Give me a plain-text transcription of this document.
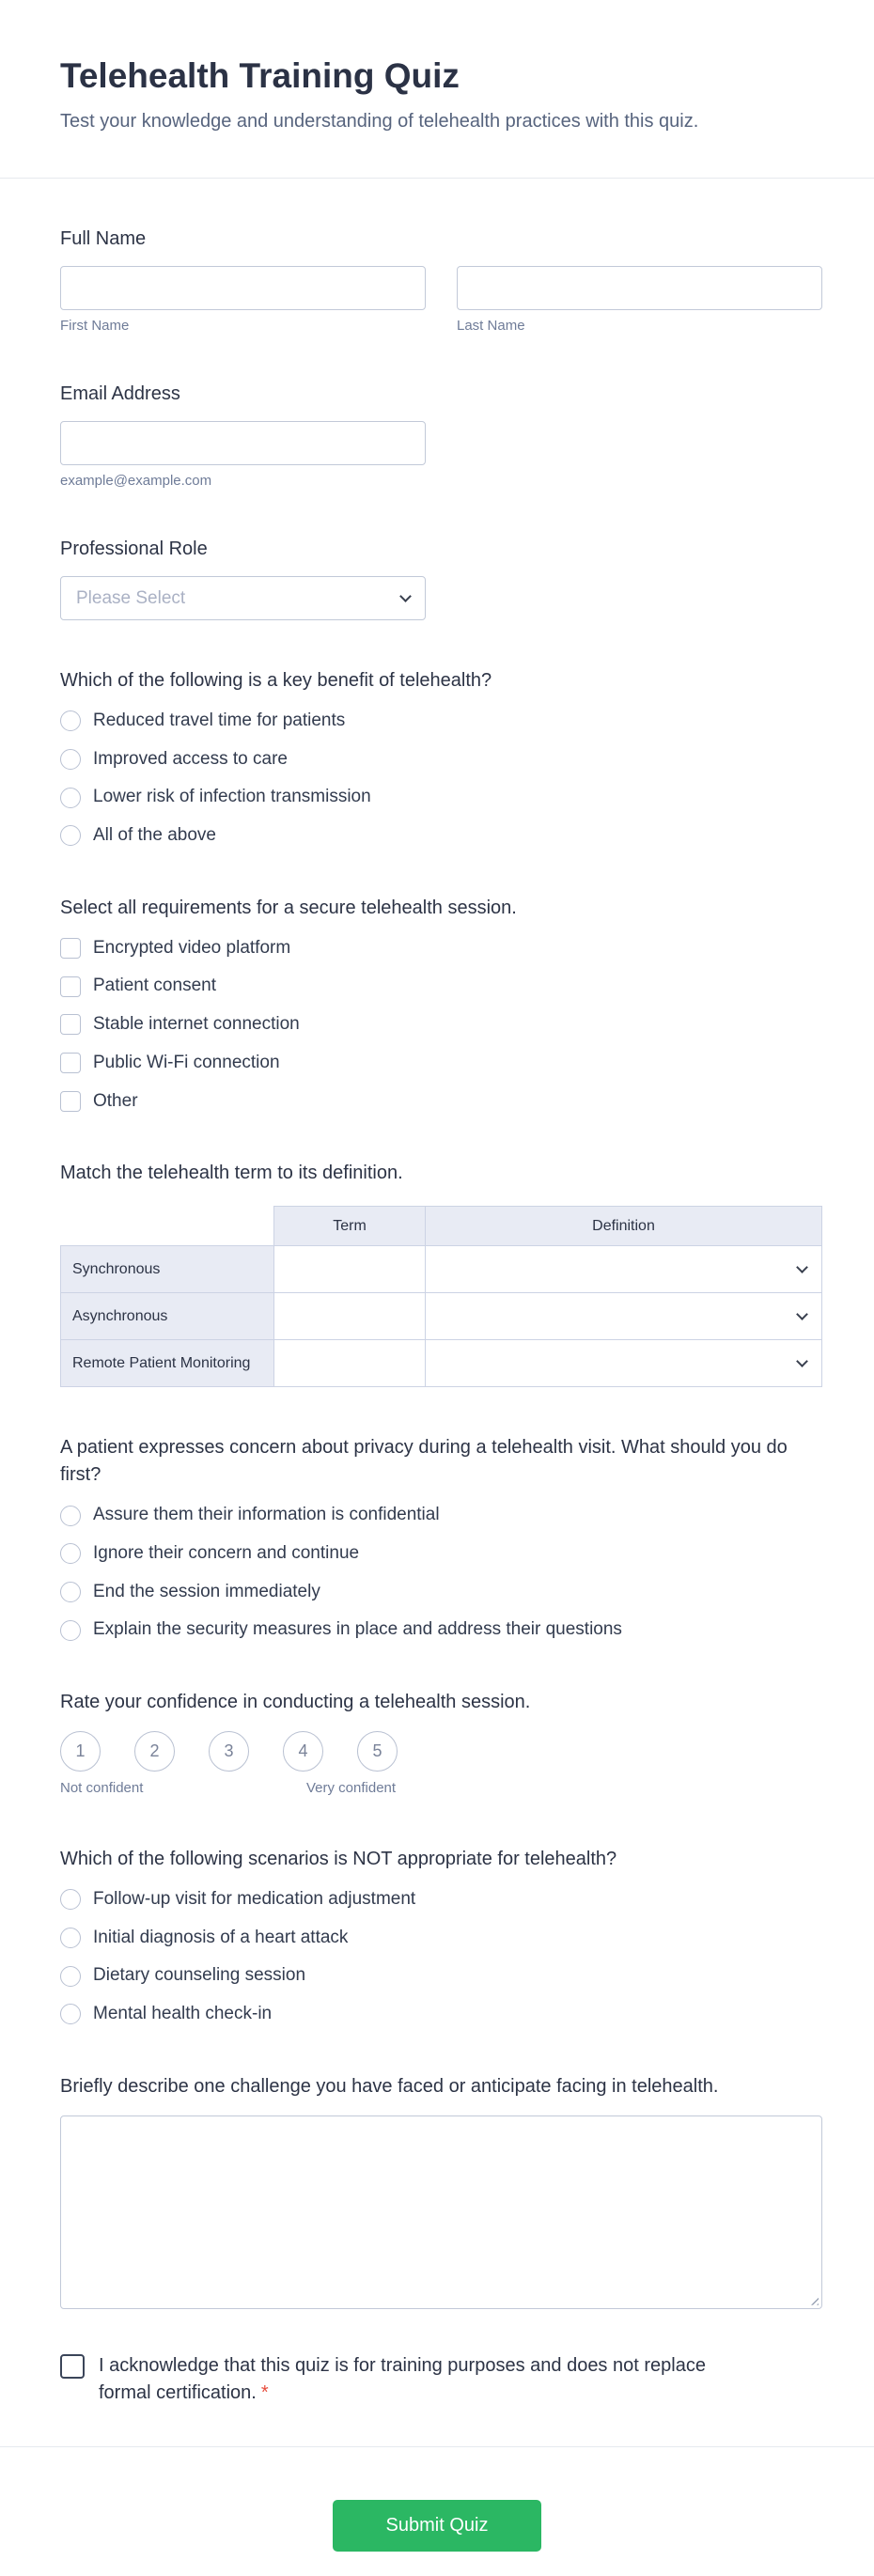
Telehealth Training Quiz

Test your knowledge and understanding of telehealth practices with this quiz.

Full Name
First Name	Last Name
Email Address
example@example.com
Professional Role
Please Select
Which of the following is a key benefit of telehealth?
Reduced travel time for patients
Improved access to care
Lower risk of infection transmission
All of the above
Select all requirements for a secure telehealth session.
Encrypted video platform
Patient consent
Stable internet connection
Public Wi-Fi connection
Other
Match the telehealth term to its definition.
	Term	Definition
Synchronous		

Asynchronous		

Remote Patient Monitoring		
A patient expresses concern about privacy during a telehealth visit. What should you do first?
Assure them their information is confidential
Ignore their concern and continue
End the session immediately
Explain the security measures in place and address their questions
Rate your confidence in conducting a telehealth session.
1	2	3	4	5
Not confident	Very confident
Which of the following scenarios is NOT appropriate for telehealth?
Follow-up visit for medication adjustment
Initial diagnosis of a heart attack
Dietary counseling session
Mental health check-in
Briefly describe one challenge you have faced or anticipate facing in telehealth.
I acknowledge that this quiz is for training purposes and does not replace formal certification. *
Submit Quiz
